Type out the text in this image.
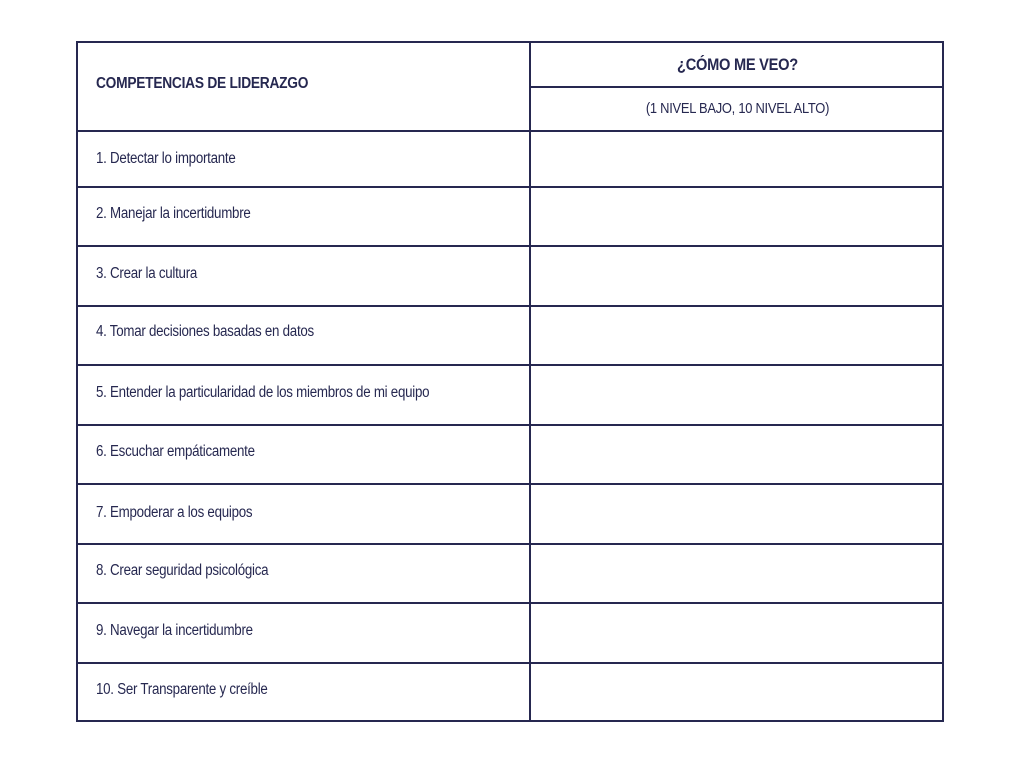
COMPETENCIAS DE LIDERAZGO
¿CÓMO ME VEO?
(1 NIVEL BAJO, 10 NIVEL ALTO)
1. Detectar lo importante
2. Manejar la incertidumbre
3. Crear la cultura
4. Tomar decisiones basadas en datos
5. Entender la particularidad de los miembros de mi equipo
6. Escuchar empáticamente
7. Empoderar a los equipos
8. Crear seguridad psicológica
9. Navegar la incertidumbre
10. Ser Transparente y creíble
